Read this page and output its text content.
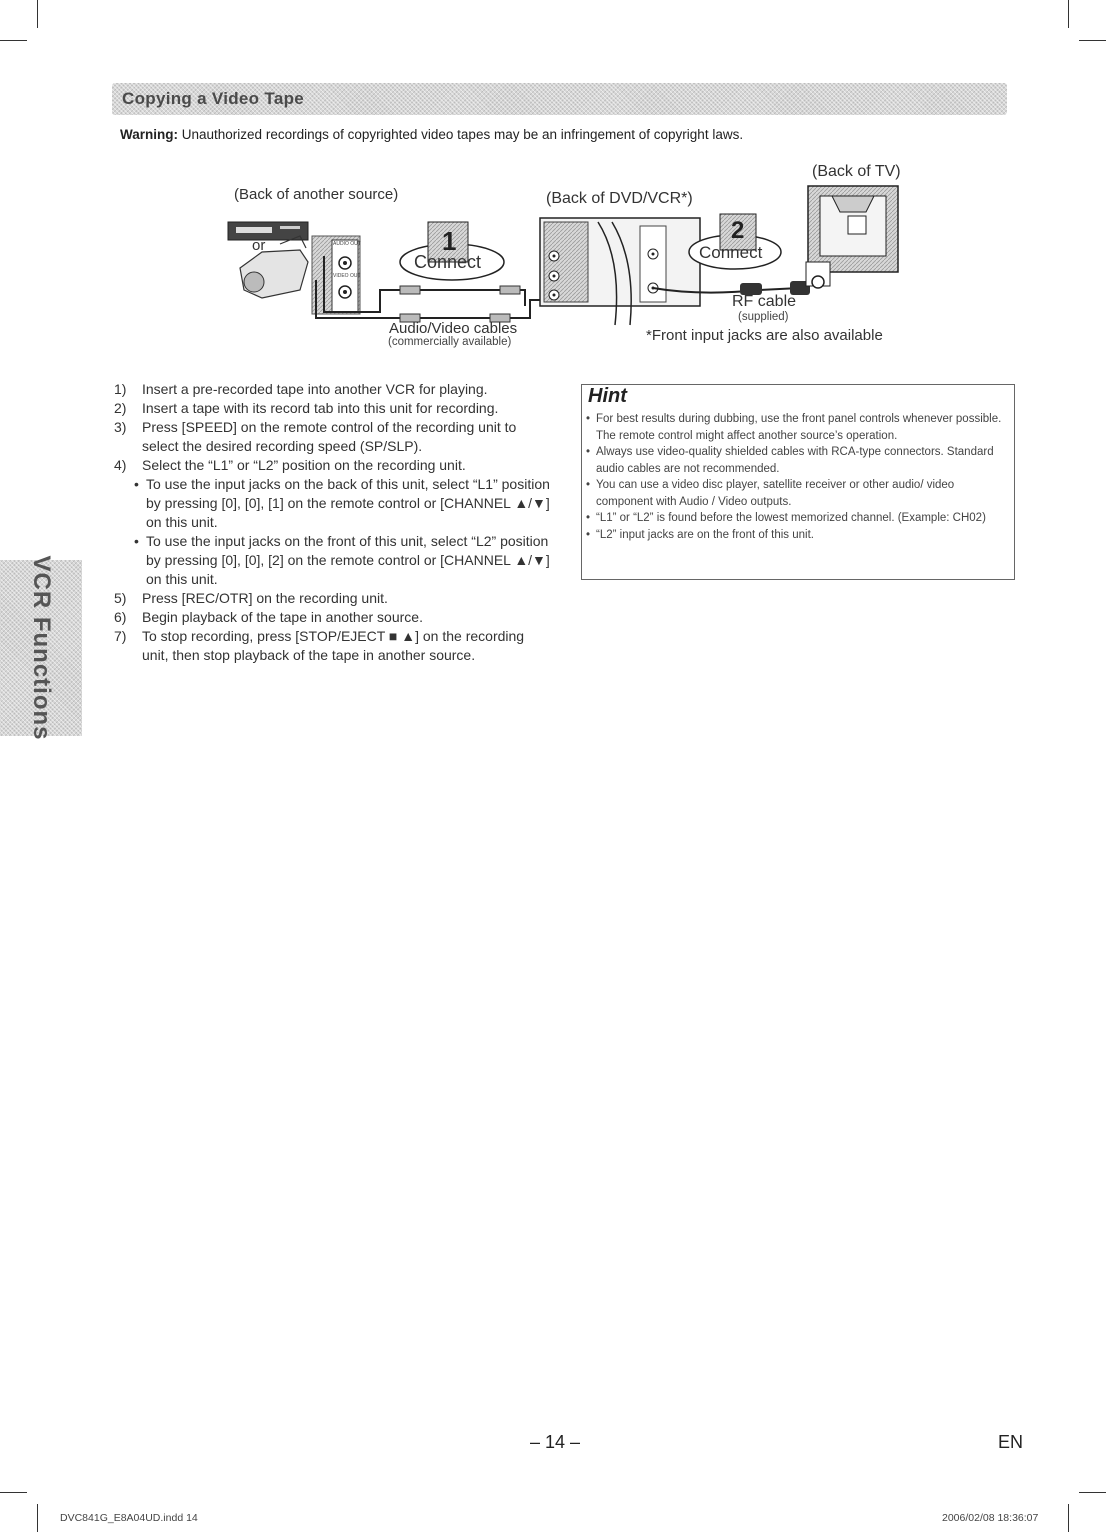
Copying a Video Tape
Warning: Unauthorized recordings of copyrighted video tapes may be an infringement of copyright laws.
(Back of another source)	(Back of DVD/VCR*)
(Back of TV)
or	1
Connect
2
Connect
AUDIO OUT
VIDEO OUT
RF cable
(supplied)
Audio/Video cables
(commercially available)	*Front input jacks are also available
1)	Insert a pre-recorded tape into another VCR for playing.
2)	Insert a tape with its record tab into this unit for recording.
3)	Press [SPEED] on the remote control of the recording unit to select the desired recording speed (SP/SLP).
4)	Select the “L1” or “L2” position on the recording unit.
• To use the input jacks on the back of this unit, select “L1” position by pressing [0], [0], [1] on the remote control or [CHANNEL ▲/▼] on this unit.
• To use the input jacks on the front of this unit, select “L2” position by pressing [0], [0], [2] on the remote control or [CHANNEL ▲/▼] on this unit.
5)	Press [REC/OTR] on the recording unit.
6)	Begin playback of the tape in another source.
7)	To stop recording, press [STOP/EJECT ■ ▲] on the recording unit, then stop playback of the tape in another source.
Hint
• For best results during dubbing, use the front panel controls whenever possible. The remote control might affect another source’s operation.
• Always use video-quality shielded cables with RCA-type connectors. Standard audio cables are not recommended.
• You can use a video disc player, satellite receiver or other audio/ video component with Audio / Video outputs.
• “L1” or “L2” is found before the lowest memorized channel. (Example: CH02)
• “L2” input jacks are on the front of this unit.
VCR Functions
– 14 –	EN
DVC841G_E8A04UD.indd 14	2006/02/08 18:36:07
